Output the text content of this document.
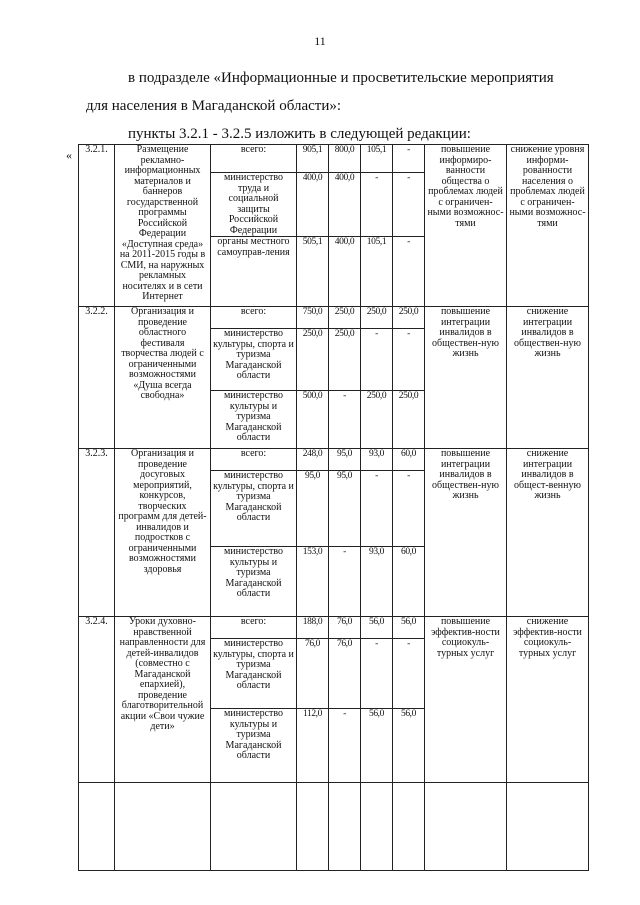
11
в подразделе «Информационные и просветительские мероприятия
для населения в Магаданской области»:
пункты 3.2.1 - 3.2.5 изложить в следующей редакции:
« 3.2.1.	Размещение рекламно-информационных материалов и баннеров государственной программы Российской Федерации «Доступная среда» на 2011-2015 годы в СМИ, на наружных рекламных носителях и в сети Интернет	всего:	905,1	800,0	105,1	-	повышение информиро-ванности общества о проблемах людей с ограничен-ными возможнос-тями	снижение уровня информи-рованности населения о проблемах людей с ограничен-ными возможнос-тями
		министерство труда и социальной защиты Российской Федерации	400,0	400,0	-	-		
		органы местного самоуправ-ления	505,1	400,0	105,1	-		
3.2.2.	Организация и проведение областного фестиваля творчества людей с ограниченными возможностями «Душа всегда свободна»	всего:	750,0	250,0	250,0	250,0	повышение интеграции инвалидов в обществен-ную жизнь	снижение интеграции инвалидов в обществен-ную жизнь
		министерство культуры, спорта и туризма Магаданской области	250,0	250,0	-	-		
		министерство культуры и туризма Магаданской области	500,0	-	250,0	250,0		
3.2.3.	Организация и проведение досуговых мероприятий, конкурсов, творческих программ для детей-инвалидов и подростков с ограниченными возможностями здоровья	всего:	248,0	95,0	93,0	60,0	повышение интеграции инвалидов в обществен-ную жизнь	снижение интеграции инвалидов в общест-венную жизнь
		министерство культуры, спорта и туризма Магаданской области	95,0	95,0	-	-		
		министерство культуры и туризма Магаданской области	153,0	-	93,0	60,0		
3.2.4.	Уроки духовно-нравственной направленности для детей-инвалидов (совместно с Магаданской епархией), проведение благотворительной акции «Свои чужие дети»	всего:	188,0	76,0	56,0	56,0	повышение эффектив-ности социокуль-турных услуг	снижение эффектив-ности социокуль-турных услуг
		министерство культуры, спорта и туризма Магаданской области	76,0	76,0	-	-		
		министерство культуры и туризма Магаданской области	112,0	-	56,0	56,0		
